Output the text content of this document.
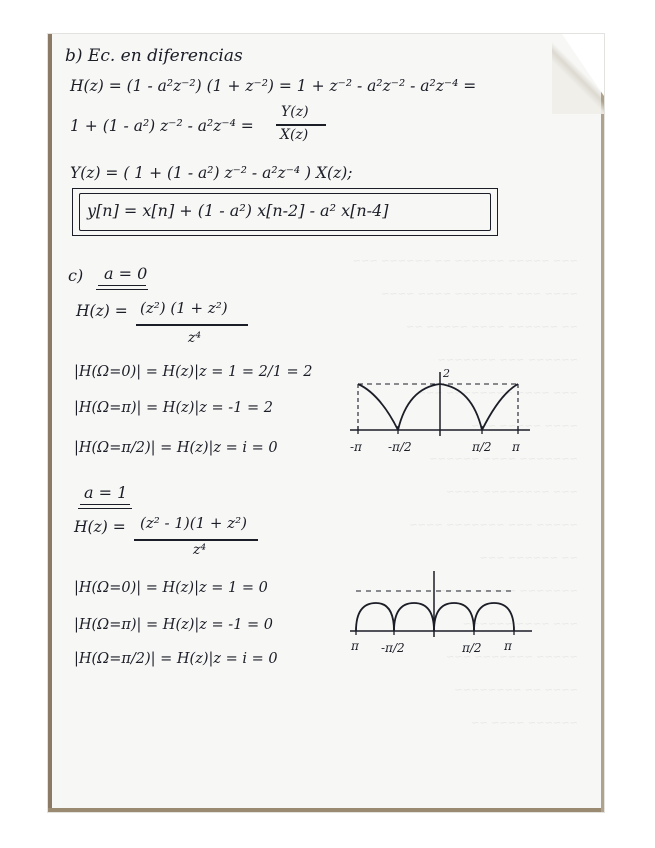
~~~ ~~~~~ ~~~~~~ ~~ ~~~~~~ ~~~
~~~~ ~~~ ~~~~~~~ ~~~~ ~~~~
~~ ~~~~~~ ~~~~ ~~~~~ ~~
~~~~~~ ~~~ ~~~~~~~
~~~ ~~~~ ~~~~~~~~ ~~~
~~~~ ~~~~~ ~~~
~~~~~~~ ~~~~ ~~~~~~
~~~ ~~~~~~~~ ~~~~
~~~~~ ~~~ ~~~~~~~ ~~~~
~~ ~~~~~~ ~~~
~~~~~~~ ~~~~~ ~~~~
~~~ ~~~~ ~~~~~~
~~~~~ ~~~~~~~ ~~~
~~~~ ~~ ~~~~~~~~
~~~~~~ ~~~~ ~~
b) Ec. en diferencias
H(z) = (1 - a²z⁻²) (1 + z⁻²) = 1 + z⁻² - a²z⁻² - a²z⁻⁴ =
1 + (1 - a²) z⁻² - a²z⁻⁴ =
Y(z)
X(z)
Y(z) = ( 1 + (1 - a²) z⁻² - a²z⁻⁴ ) X(z);
y[n] = x[n] + (1 - a²) x[n-2] - a² x[n-4]
c) a = 0
H(z) = (z²) (1 + z²)
z⁴
|H(Ω=0)| = H(z)|z = 1 = 2/1 = 2
|H(Ω=π)| = H(z)|z = -1 = 2
|H(Ω=π/2)| = H(z)|z = i = 0
2
-π -π/2	π/2 π
a = 1
H(z) = (z² - 1)(1 + z²)
z⁴
|H(Ω=0)| = H(z)|z = 1 = 0
|H(Ω=π)| = H(z)|z = -1 = 0
|H(Ω=π/2)| = H(z)|z = i = 0
π -π/2	π/2 π
